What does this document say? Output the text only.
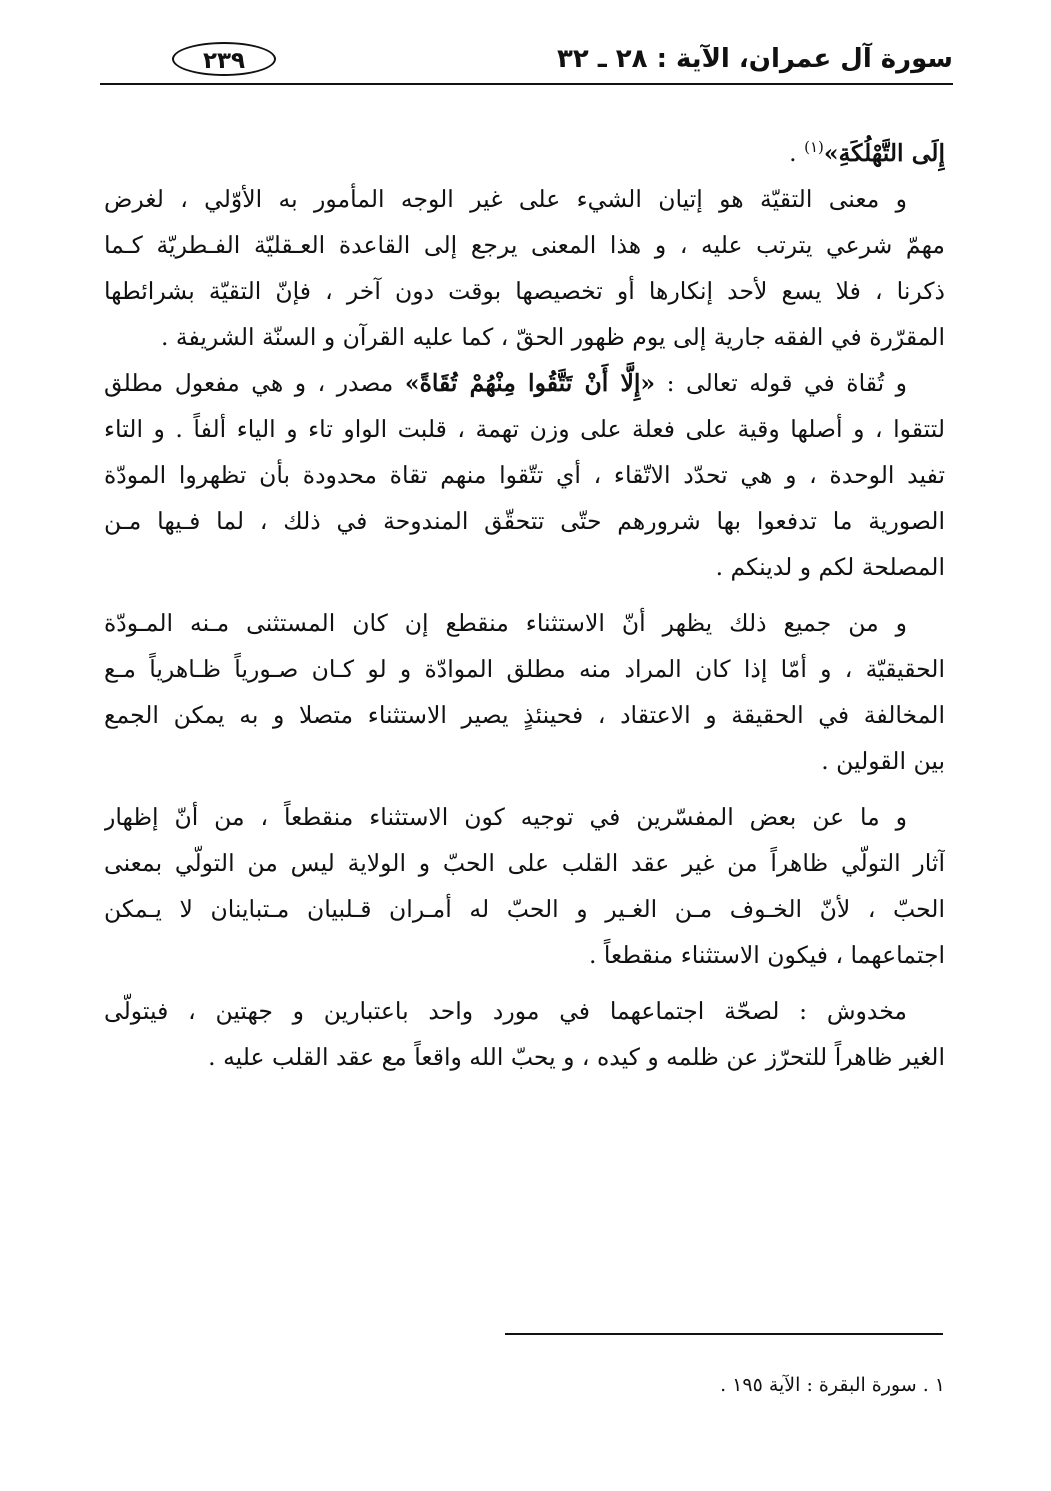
سورة آل عمران، الآية : ٢٨ ـ ٣٢
٢٣٩
إِلَى التَّهْلُكَةِ»$^{(١)}$ .
و معنى التقيّة هو إتيان الشيء على غير الوجه المأمور به الأوّلي ، لغرض
مهمّ شرعي يترتب عليه ، و هذا المعنى يرجع إلى القاعدة العـقليّة الفـطريّة كـما
ذكرنا ، فلا يسع لأحد إنكارها أو تخصيصها بوقت دون آخر ، فإنّ التقيّة بشرائطها
المقرّرة في الفقه جارية إلى يوم ظهور الحقّ ، كما عليه القرآن و السنّة الشريفة .
و تُقاة في قوله تعالى : «إِلَّا أَنْ تَتَّقُوا مِنْهُمْ تُقَاةً» مصدر ، و هي مفعول مطلق
لتتقوا ، و أصلها وقية على فعلة على وزن تهمة ، قلبت الواو تاء و الياء ألفاً . و التاء
تفيد الوحدة ، و هي تحدّد الاتّقاء ، أي تتّقوا منهم تقاة محدودة بأن تظهروا المودّة
الصورية ما تدفعوا بها شرورهم حتّى تتحقّق المندوحة في ذلك ، لما فـيها مـن
المصلحة لكم و لدينكم .
و من جميع ذلك يظهر أنّ الاستثناء منقطع إن كان المستثنى مـنه المـودّة
الحقيقيّة ، و أمّا إذا كان المراد منه مطلق الموادّة و لو كـان صـورياً ظـاهرياً مـع
المخالفة في الحقيقة و الاعتقاد ، فحينئذٍ يصير الاستثناء متصلا و به يمكن الجمع
بين القولين .
و ما عن بعض المفسّرين في توجيه كون الاستثناء منقطعاً ، من أنّ إظهار
آثار التولّي ظاهراً من غير عقد القلب على الحبّ و الولاية ليس من التولّي بمعنى
الحبّ ، لأنّ الخـوف مـن الغـير و الحبّ له أمـران قـلبيان مـتباينان لا يـمكن
اجتماعهما ، فيكون الاستثناء منقطعاً .
مخدوش : لصحّة اجتماعهما في مورد واحد باعتبارين و جهتين ، فيتولّى
الغير ظاهراً للتحرّز عن ظلمه و كيده ، و يحبّ الله واقعاً مع عقد القلب عليه .
١ . سورة البقرة : الآية ١٩٥ .
